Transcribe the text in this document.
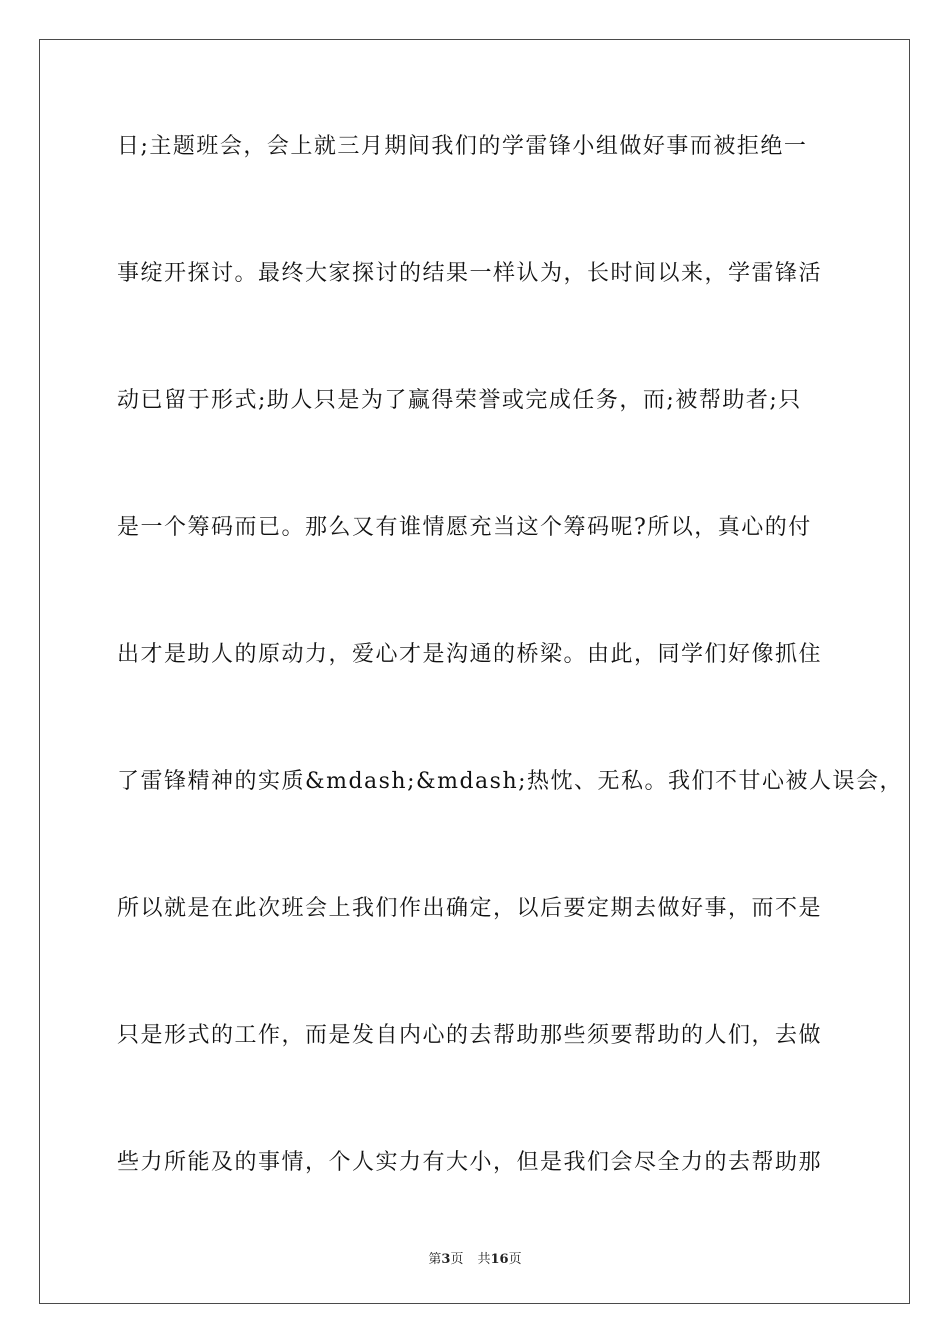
日;主题班会，会上就三月期间我们的学雷锋小组做好事而被拒绝一
事绽开探讨。最终大家探讨的结果一样认为，长时间以来，学雷锋活
动已留于形式;助人只是为了赢得荣誉或完成任务，而;被帮助者;只
是一个筹码而已。那么又有谁情愿充当这个筹码呢?所以，真心的付
出才是助人的原动力，爱心才是沟通的桥梁。由此，同学们好像抓住
了雷锋精神的实质&mdash;&mdash;热忱、无私。我们不甘心被人误会，
所以就是在此次班会上我们作出确定，以后要定期去做好事，而不是
只是形式的工作，而是发自内心的去帮助那些须要帮助的人们，去做
些力所能及的事情，个人实力有大小，但是我们会尽全力的去帮助那
第3页 共16页
